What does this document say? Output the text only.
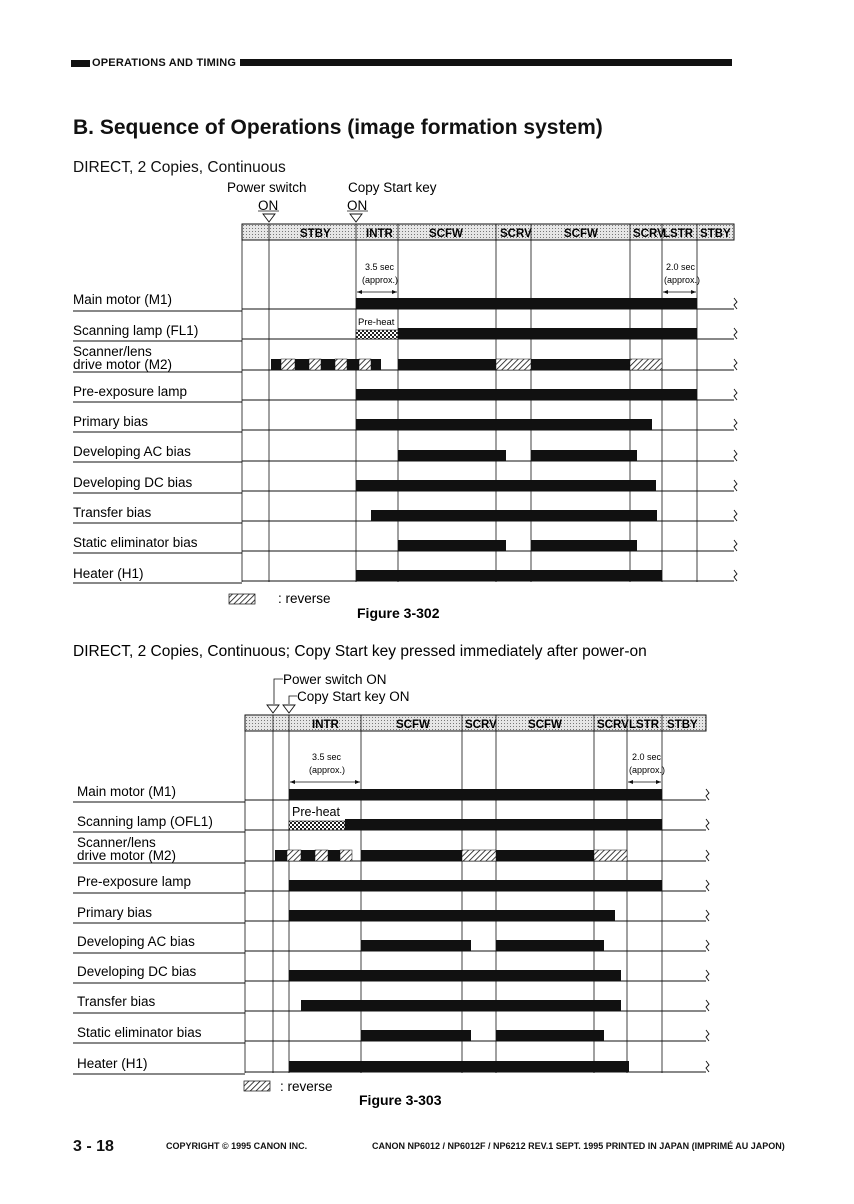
OPERATIONS AND TIMING
B. Sequence of Operations (image formation system)
DIRECT, 2 Copies, Continuous
Power switch
ON
Copy Start key
ON
STBY	INTR	SCFW	SCRV	SCFW	SCRV
LSTR STBY
3.5 sec
(approx.)
2.0 sec
(approx.)
Main motor (M1)
Scanning lamp (FL1)
Scanner/lens
drive motor (M2)
Pre-exposure lamp
Primary bias
Developing AC bias
Developing DC bias
Transfer bias
Static eliminator bias
Heater (H1)
Pre-heat
: reverse
Figure 3-302
DIRECT, 2 Copies, Continuous; Copy Start key pressed immediately after power-on
Power switch ON
Copy Start key ON
INTR	SCFW	SCRV	SCFW	SCRV LSTR STBY
3.5 sec
(approx.)
2.0 sec
(approx.)
Main motor (M1)
Scanning lamp (OFL1)
Scanner/lens
drive motor (M2)
Pre-exposure lamp
Primary bias
Developing AC bias
Developing DC bias
Transfer bias
Static eliminator bias
Heater (H1)
Pre-heat
: reverse
Figure 3-303
3 - 18	COPYRIGHT © 1995 CANON INC.	CANON NP6012 / NP6012F / NP6212 REV.1 SEPT. 1995 PRINTED IN JAPAN (IMPRIMÉ AU JAPON)
